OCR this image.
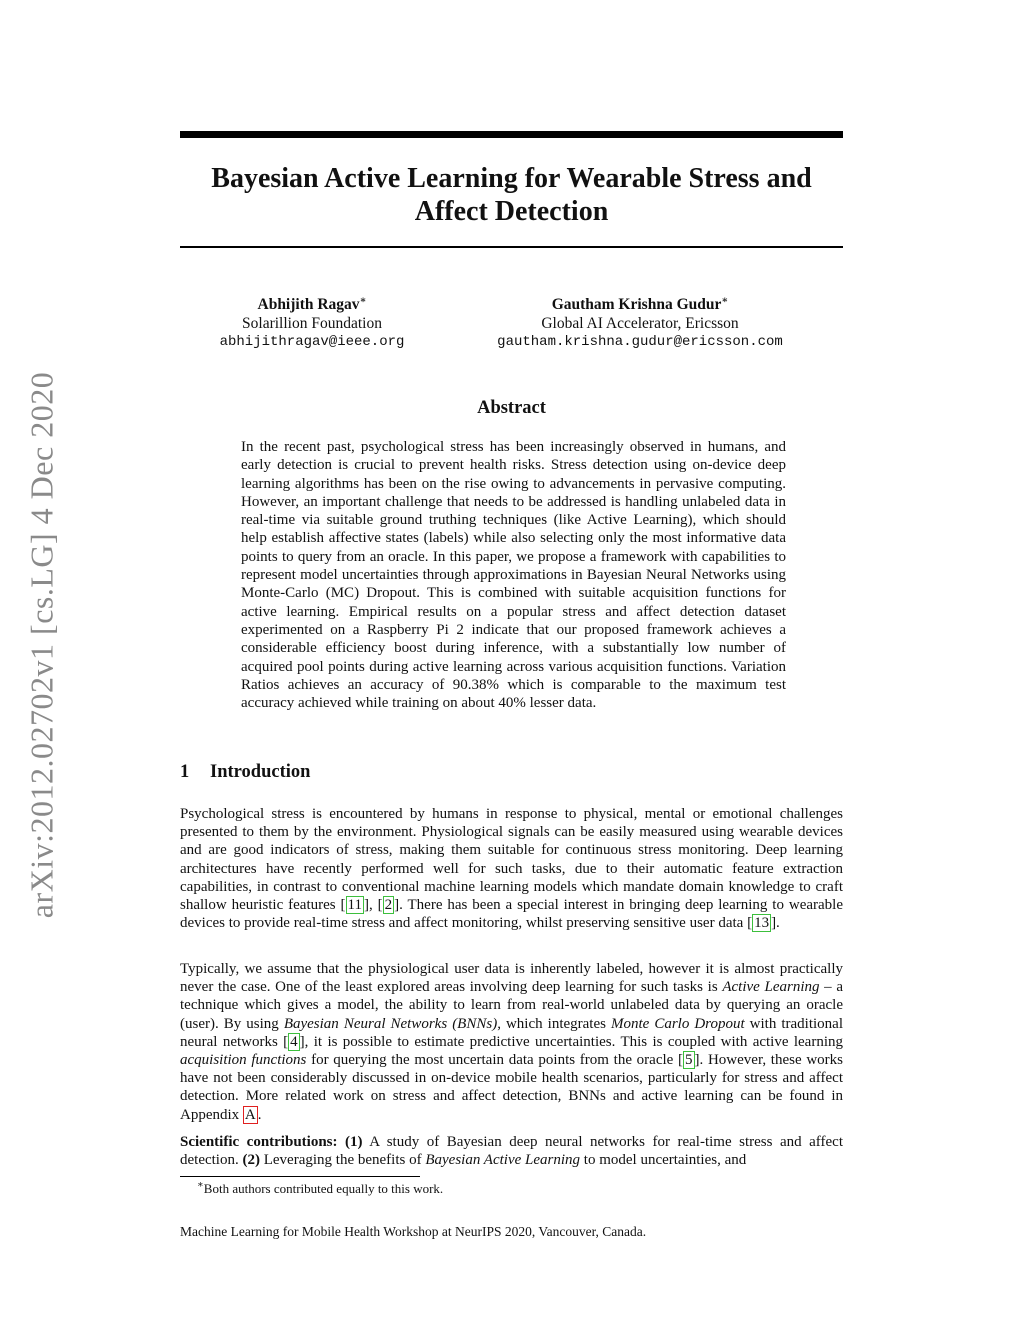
arXiv:2012.02702v1 [cs.LG] 4 Dec 2020
Bayesian Active Learning for Wearable Stress and
Affect Detection
Abhijith Ragav∗
Solarillion Foundation
abhijithragav@ieee.org
Gautham Krishna Gudur∗
Global AI Accelerator, Ericsson
gautham.krishna.gudur@ericsson.com
Abstract

In the recent past, psychological stress has been increasingly observed in humans, and early detection is crucial to prevent health risks. Stress detection using on-device deep learning algorithms has been on the rise owing to advancements in pervasive computing. However, an important challenge that needs to be addressed is handling unlabeled data in real-time via suitable ground truthing techniques (like Active Learning), which should help establish affective states (labels) while also selecting only the most informative data points to query from an oracle. In this paper, we propose a framework with capabilities to represent model uncertainties through approximations in Bayesian Neural Networks using Monte-Carlo (MC) Dropout. This is combined with suitable acquisition functions for active learning. Empirical results on a popular stress and affect detection dataset experimented on a Raspberry Pi 2 indicate that our proposed framework achieves a considerable efficiency boost during inference, with a substantially low number of acquired pool points during active learning across various acquisition functions. Variation Ratios achieves an accuracy of 90.38% which is comparable to the maximum test accuracy achieved while training on about 40% lesser data.

1 Introduction

Psychological stress is encountered by humans in response to physical, mental or emotional challenges presented to them by the environment. Physiological signals can be easily measured using wearable devices and are good indicators of stress, making them suitable for continuous stress monitoring. Deep learning architectures have recently performed well for such tasks, due to their automatic feature extraction capabilities, in contrast to conventional machine learning models which mandate domain knowledge to craft shallow heuristic features [ 11 ], [ 2 ]. There has been a special interest in bringing deep learning to wearable devices to provide real-time stress and affect monitoring, whilst preserving sensitive user data [ 13 ].

Typically, we assume that the physiological user data is inherently labeled, however it is almost practically never the case. One of the least explored areas involving deep learning for such tasks is Active Learning – a technique which gives a model, the ability to learn from real-world unlabeled data by querying an oracle (user). By using Bayesian Neural Networks (BNNs), which integrates Monte Carlo Dropout with traditional neural networks [ 4 ], it is possible to estimate predictive uncertainties. This is coupled with active learning acquisition functions for querying the most uncertain data points from the oracle [ 5 ]. However, these works have not been considerably discussed in on-device mobile health scenarios, particularly for stress and affect detection. More related work on stress and affect detection, BNNs and active learning can be found in Appendix A .

Scientific contributions: (1) A study of Bayesian deep neural networks for real-time stress and affect detection. (2) Leveraging the benefits of Bayesian Active Learning to model uncertainties, and

∗Both authors contributed equally to this work.

Machine Learning for Mobile Health Workshop at NeurIPS 2020, Vancouver, Canada.
